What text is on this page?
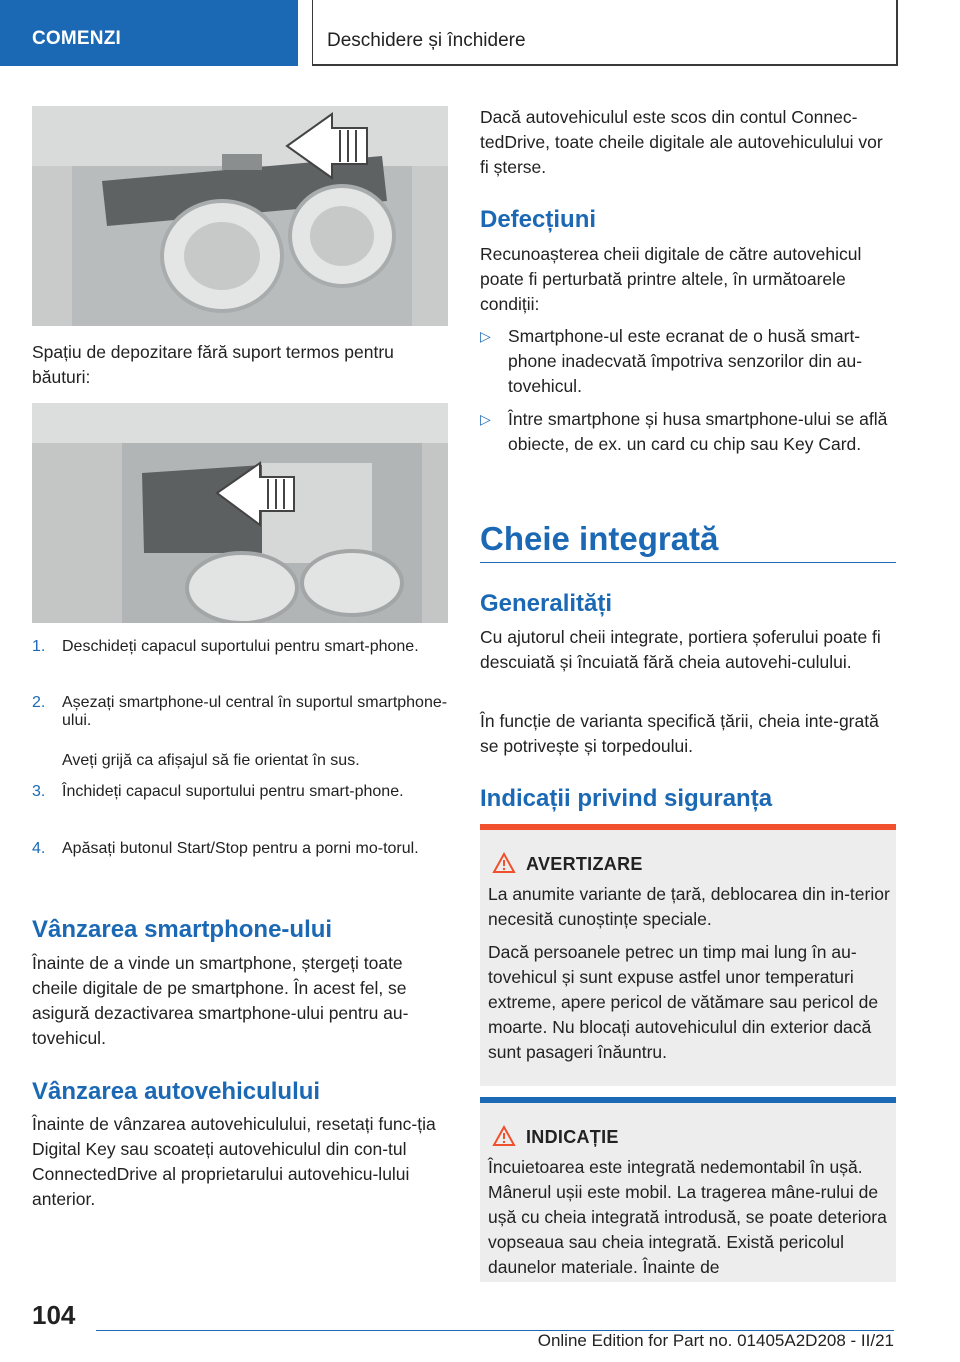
COMENZI	Deschidere și închidere

Spațiu de depozitare fără suport termos pentru băuturi:

1. Deschideți capacul suportului pentru smart-phone.

2. Așezați smartphone-ul central în suportul smartphone-ului.

Aveți grijă ca afișajul să fie orientat în sus.

3. Închideți capacul suportului pentru smart-phone.

4. Apăsați butonul Start/Stop pentru a porni mo-torul.

Vânzarea smartphone-ului

Înainte de a vinde un smartphone, ștergeți toate cheile digitale de pe smartphone. În acest fel, se asigură dezactivarea smartphone-ului pentru au-tovehicul.

Vânzarea autovehiculului

Înainte de vânzarea autovehiculului, resetați func-ția Digital Key sau scoateți autovehiculul din con-tul ConnectedDrive al proprietarului autovehicu-lului anterior.

Dacă autovehiculul este scos din contul Connec-tedDrive, toate cheile digitale ale autovehiculului vor fi șterse.

Defecțiuni

Recunoașterea cheii digitale de către autovehicul poate fi perturbată printre altele, în următoarele condiții:

▷ Smartphone-ul este ecranat de o husă smart-phone inadecvată împotriva senzorilor din au-tovehicul.

▷ Între smartphone și husa smartphone-ului se află obiecte, de ex. un card cu chip sau Key Card.

Cheie integrată
Generalități

Cu ajutorul cheii integrate, portiera șoferului poate fi descuiată și încuiată fără cheia autovehi-culului.

În funcție de varianta specifică țării, cheia inte-grată se potrivește și torpedoului.

Indicații privind siguranța
AVERTIZARE

La anumite variante de țară, deblocarea din in-terior necesită cunoștințe speciale.

Dacă persoanele petrec un timp mai lung în au-tovehicul și sunt expuse astfel unor temperaturi extreme, apere pericol de vătămare sau pericol de moarte. Nu blocați autovehiculul din exterior dacă sunt pasageri înăuntru.

INDICAȚIE

Încuietoarea este integrată nedemontabil în ușă. Mânerul ușii este mobil. La tragerea mâne-rului de ușă cu cheia integrată introdusă, se poate deteriora vopseaua sau cheia integrată. Există pericolul daunelor materiale. Înainte de

104
Online Edition for Part no. 01405A2D208 - II/21
